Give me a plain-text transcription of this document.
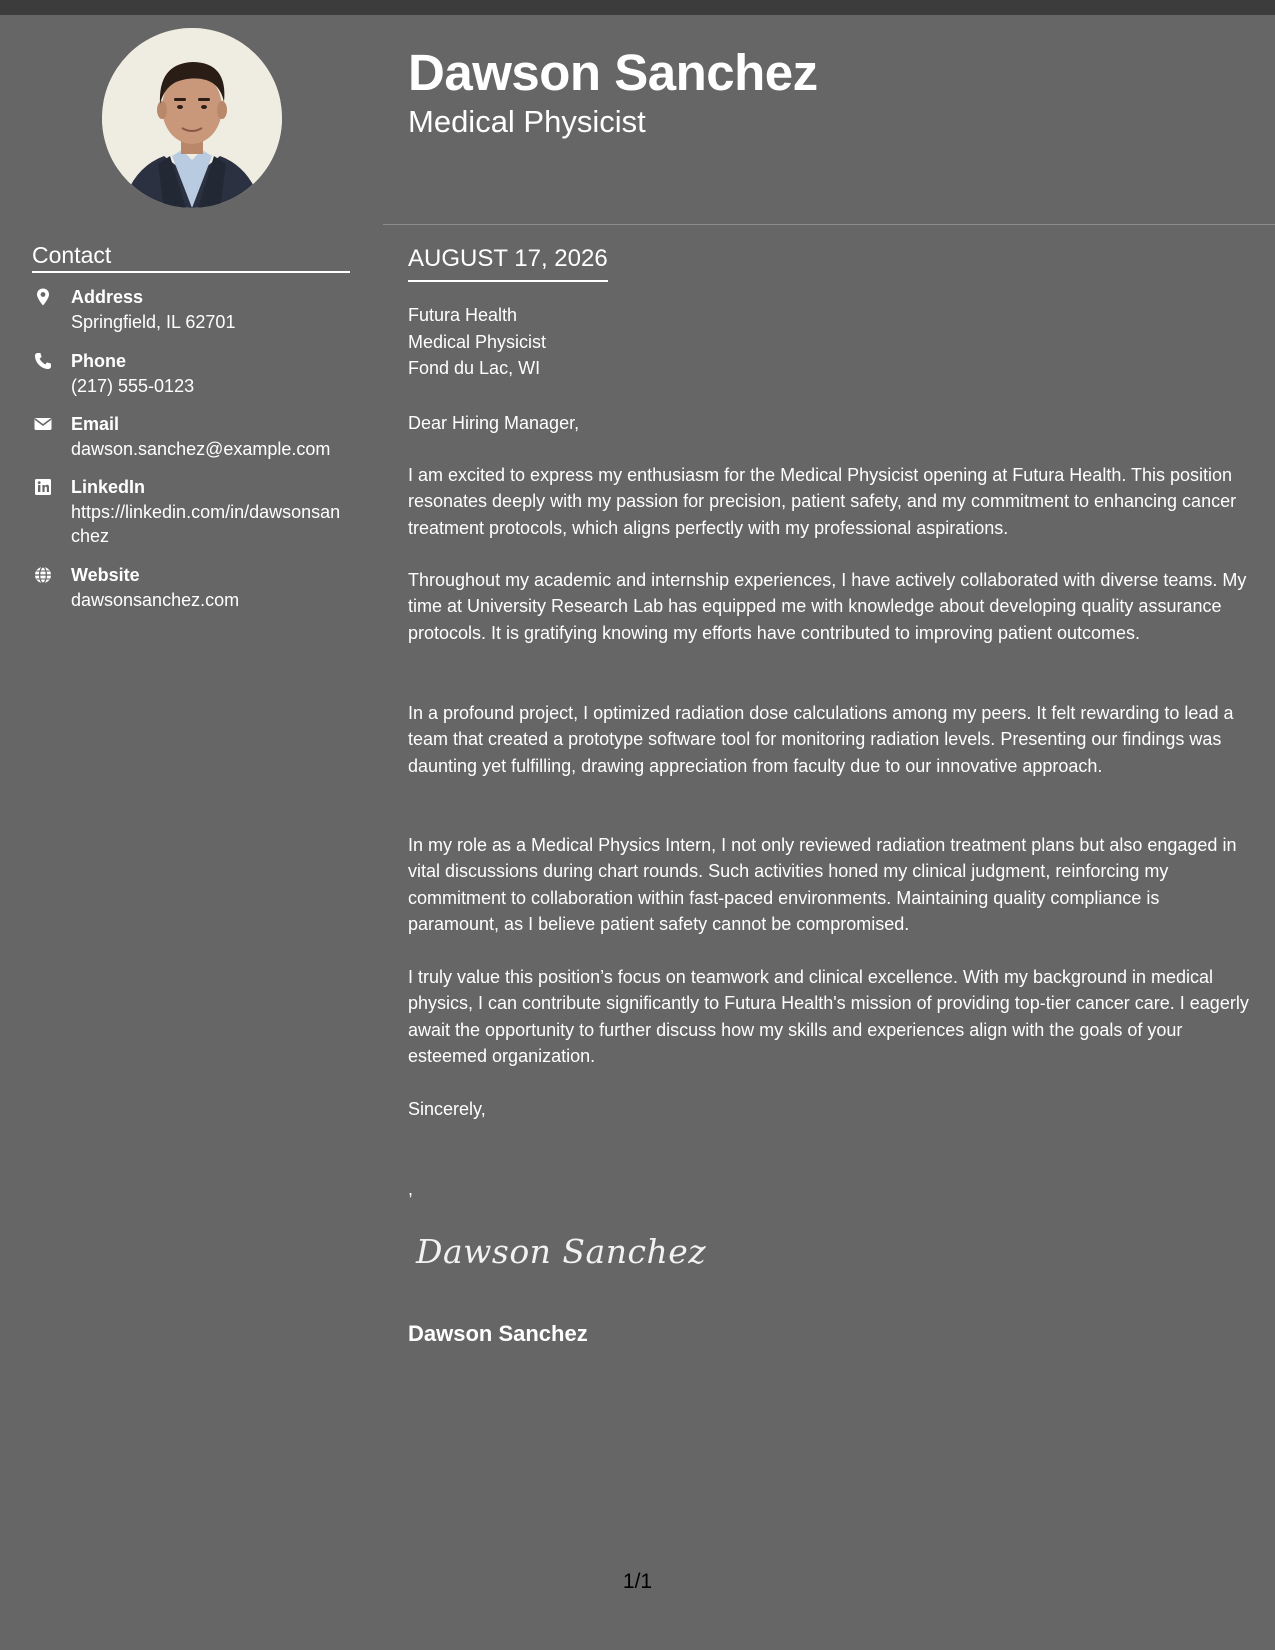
Contact
Address
Springfield, IL 62701
Phone
(217) 555-0123
Email
dawson.sanchez@example.com
LinkedIn
https://linkedin.com/in/dawsonsanchez
Website
dawsonsanchez.com
Dawson Sanchez
Medical Physicist
AUGUST 17, 2026
Futura Health
Medical Physicist
Fond du Lac, WI
Dear Hiring Manager,
I am excited to express my enthusiasm for the Medical Physicist opening at Futura Health. This position resonates deeply with my passion for precision, patient safety, and my commitment to enhancing cancer treatment protocols, which aligns perfectly with my professional aspirations.
Throughout my academic and internship experiences, I have actively collaborated with diverse teams. My time at University Research Lab has equipped me with knowledge about developing quality assurance protocols. It is gratifying knowing my efforts have contributed to improving patient outcomes.
In a profound project, I optimized radiation dose calculations among my peers. It felt rewarding to lead a team that created a prototype software tool for monitoring radiation levels. Presenting our findings was daunting yet fulfilling, drawing appreciation from faculty due to our innovative approach.
In my role as a Medical Physics Intern, I not only reviewed radiation treatment plans but also engaged in vital discussions during chart rounds. Such activities honed my clinical judgment, reinforcing my commitment to collaboration within fast-paced environments. Maintaining quality compliance is paramount, as I believe patient safety cannot be compromised.
I truly value this position’s focus on teamwork and clinical excellence. With my background in medical physics, I can contribute significantly to Futura Health's mission of providing top-tier cancer care. I eagerly await the opportunity to further discuss how my skills and experiences align with the goals of your esteemed organization.
Sincerely,
,
Dawson Sanchez
Dawson Sanchez
1/1
